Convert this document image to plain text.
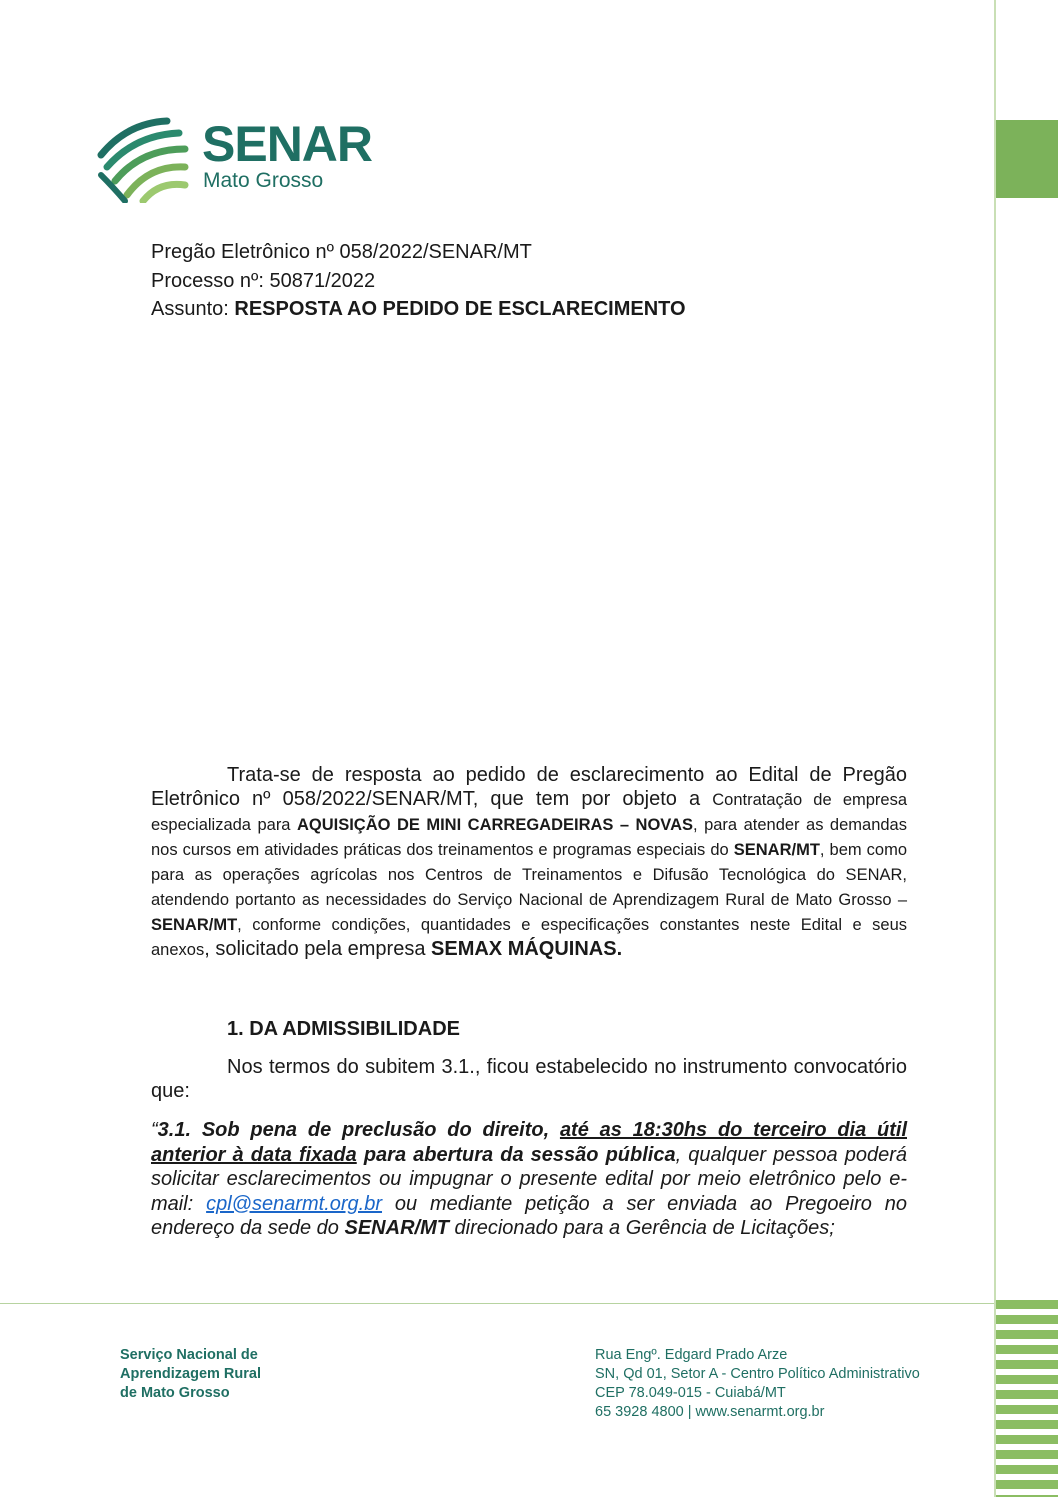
SENAR
Mato Grosso
Pregão Eletrônico nº 058/2022/SENAR/MT
Processo nº: 50871/2022
Assunto: RESPOSTA AO PEDIDO DE ESCLARECIMENTO
Trata-se de resposta ao pedido de esclarecimento ao Edital de Pregão Eletrônico nº 058/2022/SENAR/MT, que tem por objeto a Contratação de empresa especializada para AQUISIÇÃO DE MINI CARREGADEIRAS – NOVAS, para atender as demandas nos cursos em atividades práticas dos treinamentos e programas especiais do SENAR/MT, bem como para as operações agrícolas nos Centros de Treinamentos e Difusão Tecnológica do SENAR, atendendo portanto as necessidades do Serviço Nacional de Aprendizagem Rural de Mato Grosso – SENAR/MT, conforme condições, quantidades e especificações constantes neste Edital e seus anexos, solicitado pela empresa SEMAX MÁQUINAS.
1. DA ADMISSIBILIDADE
Nos termos do subitem 3.1., ficou estabelecido no instrumento convocatório que:
“3.1. Sob pena de preclusão do direito, até as 18:30hs do terceiro dia útil anterior à data fixada para abertura da sessão pública, qualquer pessoa poderá solicitar esclarecimentos ou impugnar o presente edital por meio eletrônico pelo e-mail: cpl@senarmt.org.br ou mediante petição a ser enviada ao Pregoeiro no endereço da sede do SENAR/MT direcionado para a Gerência de Licitações;
Serviço Nacional de
Aprendizagem Rural
de Mato Grosso
Rua Engº. Edgard Prado Arze
SN, Qd 01, Setor A - Centro Político Administrativo
CEP 78.049-015 - Cuiabá/MT
65 3928 4800 | www.senarmt.org.br
